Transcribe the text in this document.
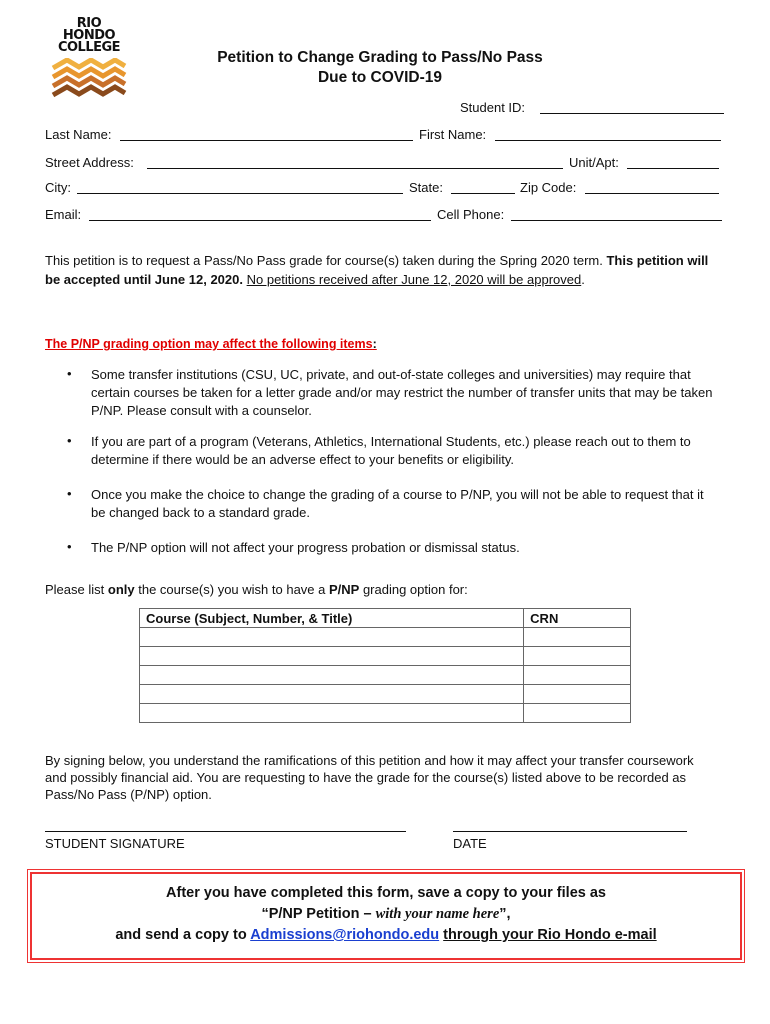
RIO
HONDO
COLLEGE
Petition to Change Grading to Pass/No Pass
Due to COVID-19
Student ID:
Last Name:	First Name:
Street Address:	Unit/Apt:
City:	State:	Zip Code:
Email:	Cell Phone:
This petition is to request a Pass/No Pass grade for course(s) taken during the Spring 2020 term. This petition will be accepted until June 12, 2020. No petitions received after June 12, 2020 will be approved.
The P/NP grading option may affect the following items:
• Some transfer institutions (CSU, UC, private, and out-of-state colleges and universities) may require that certain courses be taken for a letter grade and/or may restrict the number of transfer units that may be taken P/NP. Please consult with a counselor.
• If you are part of a program (Veterans, Athletics, International Students, etc.) please reach out to them to determine if there would be an adverse effect to your benefits or eligibility.
• Once you make the choice to change the grading of a course to P/NP, you will not be able to request that it be changed back to a standard grade.
• The P/NP option will not affect your progress probation or dismissal status.
Please list only the course(s) you wish to have a P/NP grading option for:
Course (Subject, Number, & Title)	CRN

By signing below, you understand the ramifications of this petition and how it may affect your transfer coursework and possibly financial aid. You are requesting to have the grade for the course(s) listed above to be recorded as Pass/No Pass (P/NP) option.
STUDENT SIGNATURE	DATE
After you have completed this form, save a copy to your files as
“P/NP Petition – with your name here”,
and send a copy to Admissions@riohondo.edu through your Rio Hondo e-mail
